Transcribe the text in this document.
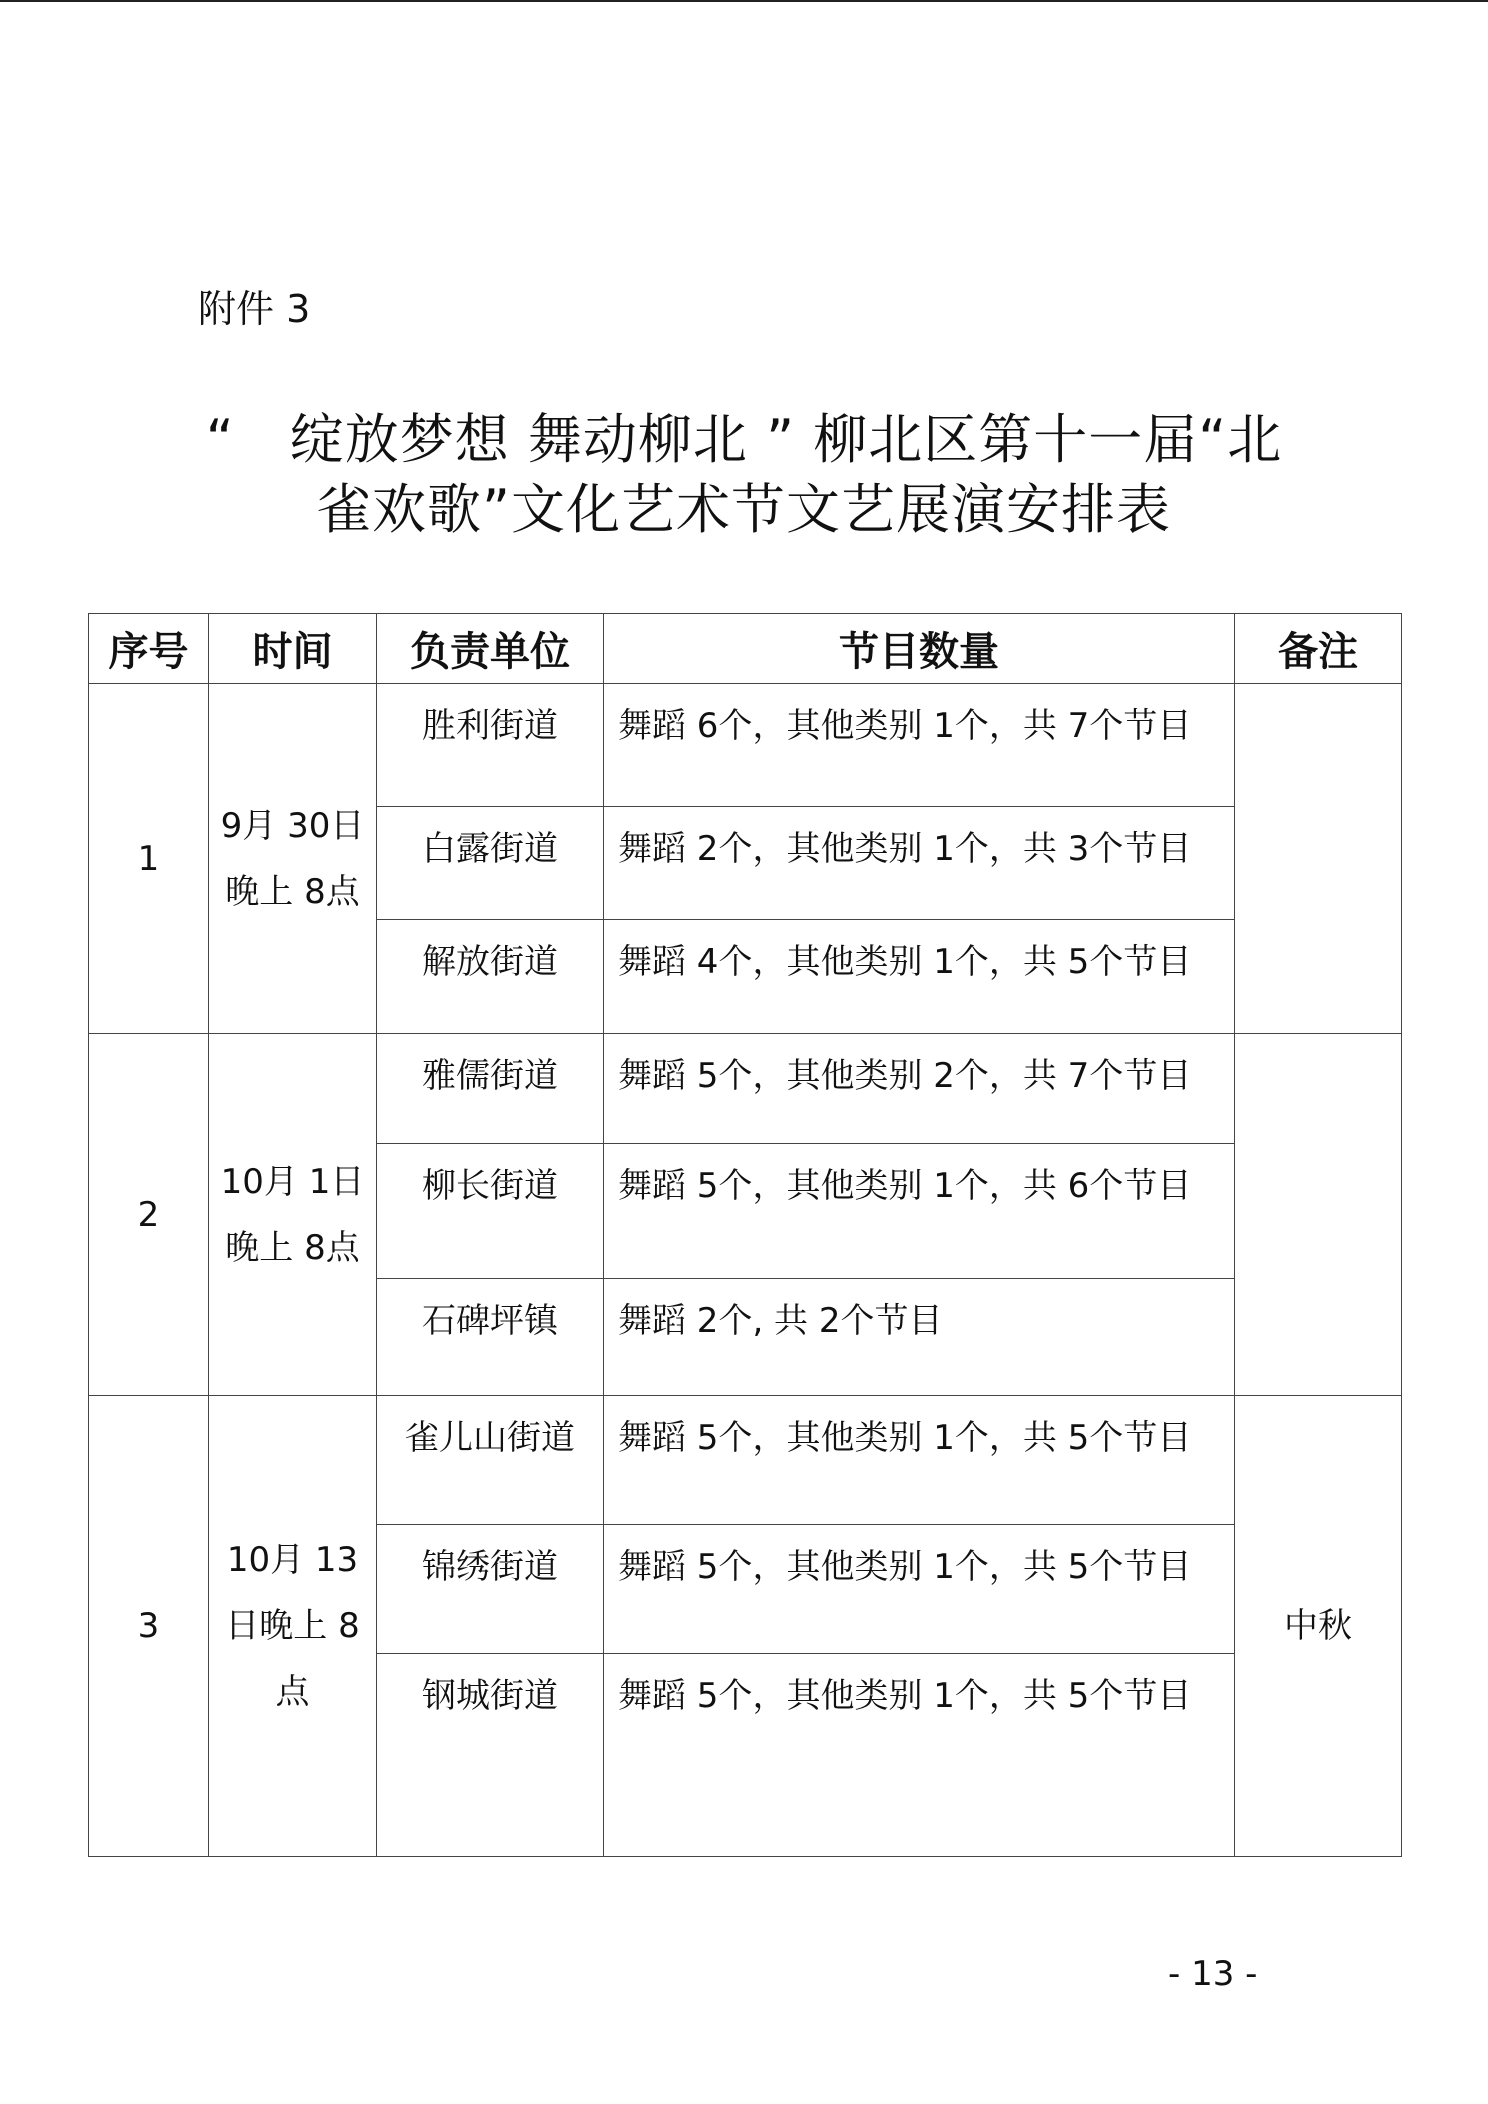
附件 3
“　绽放梦想 舞动柳北 ” 柳北区第十一届“北
雀欢歌”文化艺术节文艺展演安排表
序号	时间	负责单位	节目数量	备注
1	9月 30日
晚上 8点	胜利街道	舞蹈 6个，其他类别 1个，共 7个节目	
		白露街道	舞蹈 2个，其他类别 1个，共 3个节目	
		解放街道	舞蹈 4个，其他类别 1个，共 5个节目	
2	10月 1日
晚上 8点	雅儒街道	舞蹈 5个，其他类别 2个，共 7个节目	
		柳长街道	舞蹈 5个，其他类别 1个，共 6个节目	
		石碑坪镇	舞蹈 2个, 共 2个节目	
3	10月 13
日晚上 8
点	雀儿山街道	舞蹈 5个，其他类别 1个，共 5个节目	中秋
		锦绣街道	舞蹈 5个，其他类别 1个，共 5个节目	
		钢城街道	舞蹈 5个，其他类别 1个，共 5个节目	
- 13 -
